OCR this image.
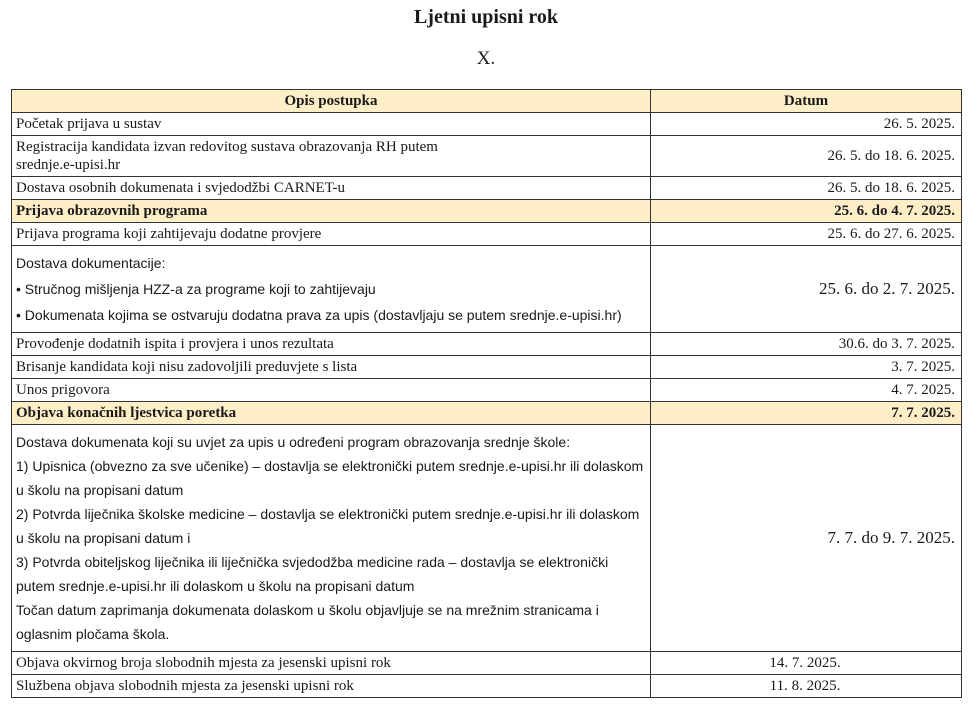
Ljetni upisni rok
X.
Opis postupka	Datum
Početak prijava u sustav	26. 5. 2025.

Registracija kandidata izvan redovitog sustava obrazovanja RH putem
srednje.e-upisi.hr	26. 5. do 18. 6. 2025.
Dostava osobnih dokumenata i svjedodžbi CARNET-u	26. 5. do 18. 6. 2025.
Prijava obrazovnih programa	25. 6. do 4. 7. 2025.
Prijava programa koji zahtijevaju dodatne provjere	25. 6. do 27. 6. 2025.

Dostava dokumentacije:

• Stručnog mišljenja HZZ-a za programe koji to zahtijevaju

• Dokumenata kojima se ostvaruju dodatna prava za upis (dostavljaju se putem srednje.e-upisi.hr)	25. 6. do 2. 7. 2025.
Provođenje dodatnih ispita i provjera i unos rezultata	30.6. do 3. 7. 2025.
Brisanje kandidata koji nisu zadovoljili preduvjete s lista	3. 7. 2025.
Unos prigovora	4. 7. 2025.
Objava konačnih ljestvica poretka	7. 7. 2025.

Dostava dokumenata koji su uvjet za upis u određeni program obrazovanja srednje škole:

1) Upisnica (obvezno za sve učenike) – dostavlja se elektronički putem srednje.e-upisi.hr ili dolaskom u školu na propisani datum

2) Potvrda liječnika školske medicine – dostavlja se elektronički putem srednje.e-upisi.hr ili dolaskom u školu na propisani datum i

3) Potvrda obiteljskog liječnika ili liječnička svjedodžba medicine rada – dostavlja se elektronički putem srednje.e-upisi.hr ili dolaskom u školu na propisani datum

Točan datum zaprimanja dokumenata dolaskom u školu objavljuje se na mrežnim stranicama i oglasnim pločama škola.	7. 7. do 9. 7. 2025.
Objava okvirnog broja slobodnih mjesta za jesenski upisni rok	14. 7. 2025.
Službena objava slobodnih mjesta za jesenski upisni rok	11. 8. 2025.
